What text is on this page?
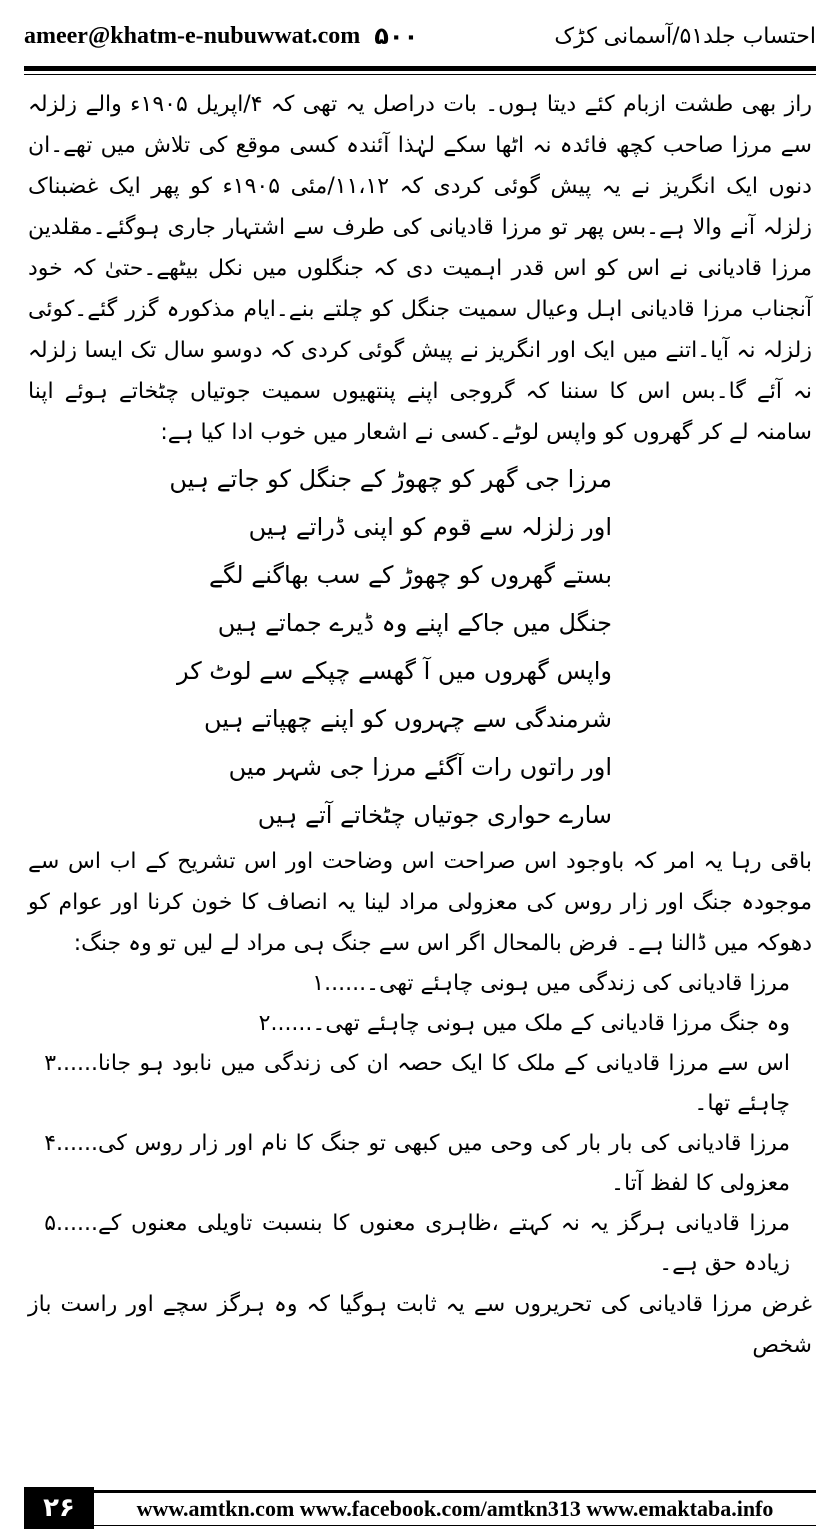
ameer@khatm-e-nubuwwat.com ۵۰۰	احتساب جلد۵۱/آسمانی کڑک

راز بھی طشت ازبام کئے دیتا ہوں۔ بات دراصل یہ تھی کہ ۴/اپریل ۱۹۰۵ء والے زلزلہ سے مرزا صاحب کچھ فائدہ نہ اٹھا سکے لہٰذا آئندہ کسی موقع کی تلاش میں تھے۔ان دنوں ایک انگریز نے یہ پیش گوئی کردی کہ ۱۱،۱۲/مئی ۱۹۰۵ء کو پھر ایک غضبناک زلزلہ آنے والا ہے۔بس پھر تو مرزا قادیانی کی طرف سے اشتہار جاری ہوگئے۔مقلدین مرزا قادیانی نے اس کو اس قدر اہمیت دی کہ جنگلوں میں نکل بیٹھے۔حتیٰ کہ خود آنجناب مرزا قادیانی اہل وعیال سمیت جنگل کو چلتے بنے۔ایام مذکورہ گزر گئے۔کوئی زلزلہ نہ آیا۔اتنے میں ایک اور انگریز نے پیش گوئی کردی کہ دوسو سال تک ایسا زلزلہ نہ آئے گا۔بس اس کا سننا کہ گروجی اپنے پنتھیوں سمیت جوتیاں چٹخاتے ہوئے اپنا سامنہ لے کر گھروں کو واپس لوٹے۔کسی نے اشعار میں خوب ادا کیا ہے:

مرزا جی گھر کو چھوڑ کے جنگل کو جاتے ہیں
اور زلزلہ سے قوم کو اپنی ڈراتے ہیں
بستے گھروں کو چھوڑ کے سب بھاگنے لگے
جنگل میں جاکے اپنے وہ ڈیرے جماتے ہیں
واپس گھروں میں آ گھسے چپکے سے لوٹ کر
شرمندگی سے چہروں کو اپنے چھپاتے ہیں
اور راتوں رات آگئے مرزا جی شہر میں
سارے حواری جوتیاں چٹخاتے آتے ہیں

باقی رہا یہ امر کہ باوجود اس صراحت اس وضاحت اور اس تشریح کے اب اس سے موجودہ جنگ اور زار روس کی معزولی مراد لینا یہ انصاف کا خون کرنا اور عوام کو دھوکہ میں ڈالنا ہے۔ فرض بالمحال اگر اس سے جنگ ہی مراد لے لیں تو وہ جنگ:

مرزا قادیانی کی زندگی میں ہونی چاہئے تھی۔
۱......
وہ جنگ مرزا قادیانی کے ملک میں ہونی چاہئے تھی۔
۲......
اس سے مرزا قادیانی کے ملک کا ایک حصہ ان کی زندگی میں نابود ہو جانا چاہئے تھا۔
۳......
مرزا قادیانی کی بار بار کی وحی میں کبھی تو جنگ کا نام اور زار روس کی معزولی کا لفظ آتا۔
۴......
مرزا قادیانی ہرگز یہ نہ کہتے ،ظاہری معنوں کا بنسبت تاویلی معنوں کے زیادہ حق ہے۔
۵......

غرض مرزا قادیانی کی تحریروں سے یہ ثابت ہوگیا کہ وہ ہرگز سچے اور راست باز شخص

۲۶	www.amtkn.com www.facebook.com/amtkn313 www.emaktaba.info
